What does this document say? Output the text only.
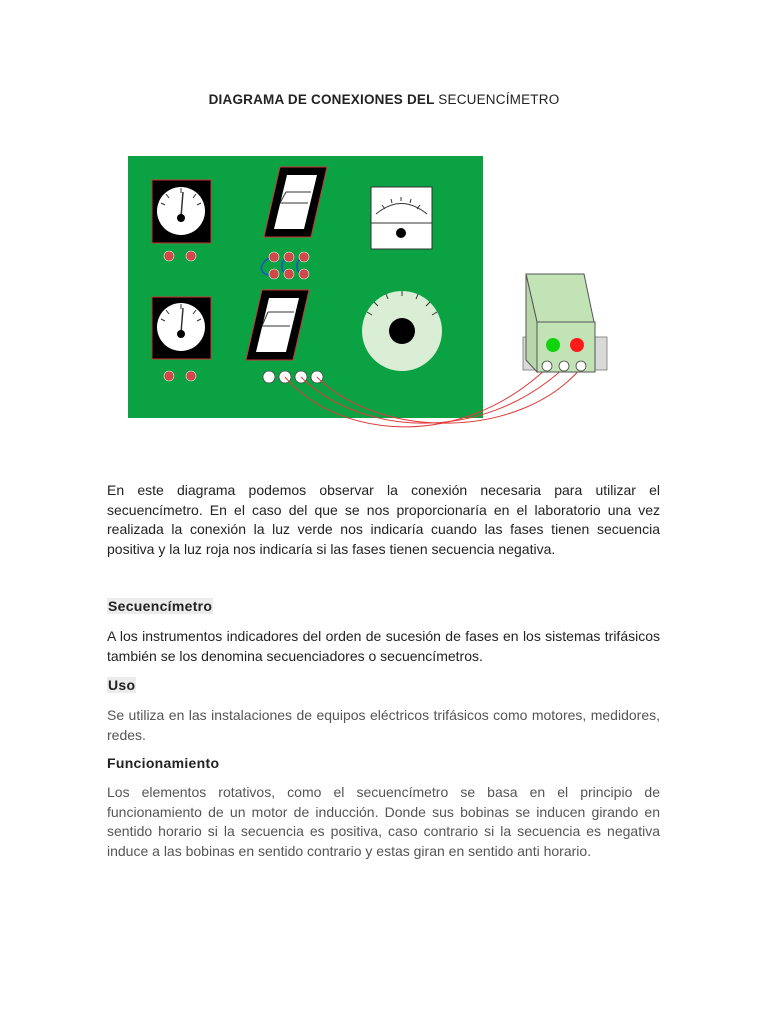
DIAGRAMA DE CONEXIONES DEL SECUENCÍMETRO
En este diagrama podemos observar la conexión necesaria para utilizar el secuencímetro. En el caso del que se nos proporcionaría en el laboratorio una vez realizada la conexión la luz verde nos indicaría cuando las fases tienen secuencia positiva y la luz roja nos indicaría si las fases tienen secuencia negativa.
Secuencímetro
A los instrumentos indicadores del orden de sucesión de fases en los sistemas trifásicos también se los denomina secuenciadores o secuencímetros.
Uso
Se utiliza en las instalaciones de equipos eléctricos trifásicos como motores, medidores, redes.
Funcionamiento
Los elementos rotativos, como el secuencímetro se basa en el principio de funcionamiento de un motor de inducción. Donde sus bobinas se inducen girando en sentido horario si la secuencia es positiva, caso contrario si la secuencia es negativa induce a las bobinas en sentido contrario y estas giran en sentido anti horario.
